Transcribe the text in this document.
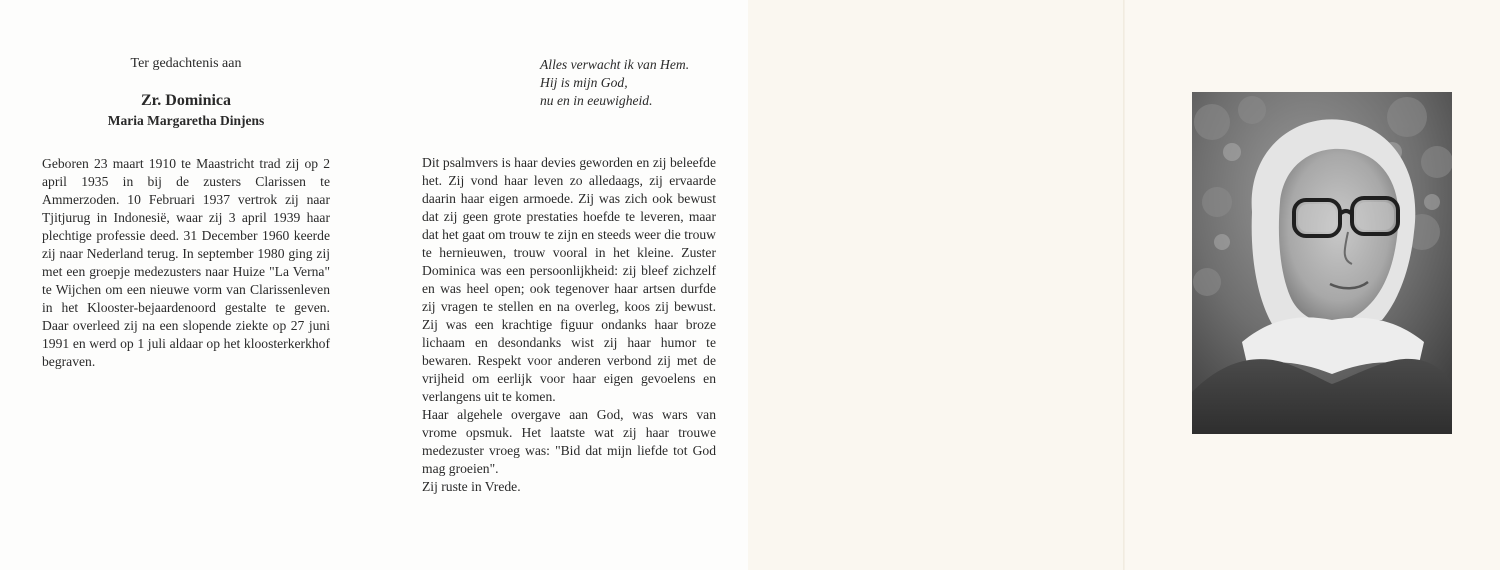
Ter gedachtenis aan

Zr. Dominica

Maria Margaretha Dinjens

Geboren 23 maart 1910 te Maastricht trad zij op 2 april 1935 in bij de zusters Clarissen te Ammerzoden. 10 Februari 1937 vertrok zij naar Tjitjurug in Indonesië, waar zij 3 april 1939 haar plechtige professie deed. 31 December 1960 keerde zij naar Nederland terug. In september 1980 ging zij met een groepje medezusters naar Huize "La Verna" te Wijchen om een nieuwe vorm van Clarissenleven in het Klooster-bejaardenoord gestalte te geven. Daar overleed zij na een slopende ziekte op 27 juni 1991 en werd op 1 juli aldaar op het kloosterkerkhof begraven.

Alles verwacht ik van Hem.
Hij is mijn God,
nu en in eeuwigheid.

Dit psalmvers is haar devies geworden en zij beleefde het. Zij vond haar leven zo alledaags, zij ervaarde daarin haar eigen armoede. Zij was zich ook bewust dat zij geen grote prestaties hoefde te leveren, maar dat het gaat om trouw te zijn en steeds weer die trouw te hernieuwen, trouw vooral in het kleine. Zuster Dominica was een persoonlijkheid: zij bleef zichzelf en was heel open; ook tegenover haar artsen durfde zij vragen te stellen en na overleg, koos zij bewust. Zij was een krachtige figuur ondanks haar broze lichaam en desondanks wist zij haar humor te bewaren. Respekt voor anderen verbond zij met de vrijheid om eerlijk voor haar eigen gevoelens en verlangens uit te komen.

Haar algehele overgave aan God, was wars van vrome opsmuk. Het laatste wat zij haar trouwe medezuster vroeg was: "Bid dat mijn liefde tot God mag groeien".

Zij ruste in Vrede.
